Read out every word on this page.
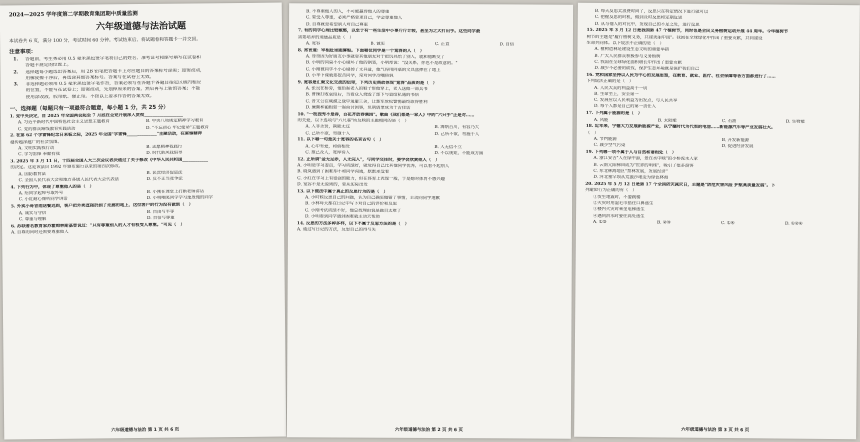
2024—2025 学年度第二学期教育集团期中质量监测
六年级道德与法治试题
本试卷共 6 页，满分 100 分，考试时间 60 分钟。考试结束后，将试题卷和答题卡一并交回。
注意事项：
1.	答题前，考生务必用 0.5 毫米黑色签字笔将自己的姓名、准考证号和座号填写在试卷和
答题卡规定的位置上。
2.	选择题每小题选出答案后，用 2B 铅笔把答题卡上对应题目的答案标号涂黑；如需改动，
用橡皮擦干净后，再选涂其他答案标号。答案写在试卷上无效。
3.	非选择题必须用 0.5 毫米黑色签字笔作答，答案必须写在答题卡各题目指定区域内相应
的位置，不能写在试卷上；如需改动，先划掉原来的答案，然后再写上新的答案；不能
使用涂改液、胶带纸、修正带。不按以上要求作答的答案无效。
一、选择题（每题只有一项最符合题意，每小题 1 分，共 25 分）
1. 党中央决定，自 2025 年全国两会起至 7 月底在全党开展深入贯彻__________________
A. 习近平新时代中国特色社会主义思想主题教育	B. 中央八项规定精神学习教育
C. 党的群众路线教育实践活动	D. "不忘初心 牢记使命"主题教育
2. 在第 62 个学雷锋纪念日来临之际，2025 年全国"学雷锋______________"主题活动，在雷锋精神
越传越深越广的社会氛围。
A. 文明实践我行动	B. 志愿精神我践行
C. 学习雷锋 奉献有我	D. 时代新风我倡导
3. 2025 年 3 月 11 日，十四届全国人大三次会议表决通过了关于修改《中华人民共和国____________
的决定。这是该法自 1992 年颁布施行以来的第四次修改。
A. 国防教育法	B. 民营经济促进法
C. 全国人民代表大会和地方各级人民代表大会代表法	D. 反不正当竞争法
4. 下列行为中，体现了尊重他人的是（　）
A. 给同学起绰号取外号	B. 小刚在课堂上打断老师讲话
C. 小红耐心倾听同学讲话	D. 小明嘲笑同学学习速度慢的同学
5. 外卖小哥冒雨送餐迟到，客户把外卖直接扔到了走廊的地上，这位客户的行为没有做到（　）
A. 诚实与守信	B. 自由与平等
C. 尊重与理解	D. 自信与尊重
6. 苏联著名教育家苏霍姆林斯基曾说过："只有尊重别人的人才有权受人尊重。"可见（　）
A. 自尊的同时还需要尊重他人
六年级道德与法治 第 1 页 共 6 页
B. 不尊重他人的人，不可能赢得他人的尊重
C. 要受人尊重，必须严格要求自己，学会尊重他人
D. 自尊就是希望别人对自己尊重
7. 有的同学心理比较敏感，以至于有一些生活中小事斤斤计较，甚至为之大打出手。这些同学最
需要培养的道德品质是（　）
A. 宽容	B. 诚实	C. 正直	D. 自信
8. 常言道：宰相肚里能撑船。下面哪位同学是一个宽容的人（　）
A. 哥哥因为好朋友小事就耍其他朋友对于把玩具给了别人，就和他断交了
B. 小明的同桌不小心碰坏了他的钢笔，小明却说："没关系，你也不是故意的。"
C. 小刚被同学不小心碰掉了文具盒，他气得用同桌的文具盒摔在了地上
D. 小华下课就要挖苦同学，常对同学冷嘲热讽
9. 宽容是汇聚文化交流的纽带，下列历史典故体现"宽容"品质的是（　）
A. 张良在桥旁，他拾起老人的鞋子帮他穿上，老人送他一部兵书
B. 曹操打败袁绍后，当着众人烧毁了部下与袁绍私通的书信
C. 晋文公在城濮之战中退避三舍，让楚军放松警惕最终取得胜利
D. 廉颇和蔺相如一起商讨国事，负荆请罪成为千古佳话
10. "一枝独秀不是春，百花齐放春满园"。歌曲《我们都是一家人》中的"六只手"正是对……
的关爱，以下选项与"六尺巷"所反映的主题相同的是（　）
A. 人非圣贤，孰能无过	B. 海纳百川，有容乃大
C. 己所不欲，勿施于人	D. 己所不欲，勿施于人
11. 以下哪一句是关于宽容的名言古句（　）
A. 心中有爱，和谐相处	B. 人无信不立
C. 推己及人，宽厚待人	D. 不以规矩，不能成方圆
12. 正所谓"金无足赤，人无完人"，与同学交往时，要学会欣赏他人（　）
A. 小明是学习委员，学习成绩好，就觉得自己比其他同学优秀，可以看不起别人
B. 晓岚遇到了困难却不和同学沟通，默默承受着
C. 小红在学习上有很强的能力，但在体育上表现一般，于是她对体育不感兴趣
D. 宽容不是无原则的，要从实际出发
13. 以下做法中属于真正的反思行为的是（　）
A. 小时候反思自己的问题，认为自己确实做错了事情，主动向同学道歉
B. 小林每天都在日记中写下对自己的评价和反思
C. 小刚考试成绩不好，他总找理由说是题目太难了
D. 小明看到同学遇到困难就主动去帮助
14. 反思的方法多种多样，以下不属于反思方法的是（　）
A. 通过写日记的方法，反思自己的得与失
六年级道德与法治 第 2 页 共 6 页
B. 每天反思太浪费时间了，反思只在特定情况下进行就可以
C. 把握反思的时机，做到及时反思和定期反思
D. 从与他人的对比中，发现自己的不足之处，进行反思
15. 2025 年 3 月 12 日是我国第 47 个植树节，同时也是全民义务植树运动开展 44 周年。今年植树节
树节的主题是"履行植树义务，共建美丽中国"。我国在全球绿化中作出了重要贡献，共同建设
生命共同体。以下说法不正确的是（　）
A. 植树造林是建设生态文明的重要举措
B. 广大人民群众积极参与义务植树
C. 我国在全球绿化面积增长中作出了重要贡献
D. 减少不必要的砍伐，保护生态环境就是保护我们自己
16. 党和国家坚持以人民为中心的发展思想，在教育、就业、医疗、社会保障等各方面都进行了……
下列说法正确的是（　）
A. 人民大众的利益高于一切
B. 生命至上，安全第一
C. 发展应以人民利益为出发点，与人民共享
D. 每个人都是自己的第一责任人
17. 下列属于能源的是（　）
A. 风能	B. 太阳能	C. 石油	D. 生物能
18. 近年来，宁德大力发展新能源产业，以宁德时代为代表的电池……新能源汽车等产业发展壮大。
（　）
A. 节约能源	B. 开发新能源
C. 减少空气污染	D. 促进经济发展
19. 下列哪一项不属于人与自然和谐相处（　）
A. 浙江安吉"人在绿中游，景在水中映"的小桥流水人家
B. 云南元阳梯田成为"世界的明珠"，吸引了很多游客
C. 东北林海地区"禁林发展，发展经济"
D. 河北塞罕坝从荒漠沙地变为绿色林海
20. 2025 年 5 月 12 日是第 17 个全国防灾减灾日，主题是"防范灾害风险 护航高质量发展"。下
列避险行为正确的有（　）
①发生地震时，不要跳楼
②火灾时用湿毛巾捂住口鼻逃生
③楼内火灾时乘坐电梯逃生
④遇到洪水时要往高处逃生
A. ①③	B. ②③	C. ①④	D. ①②④
六年级道德与法治 第 3 页 共 6 页
